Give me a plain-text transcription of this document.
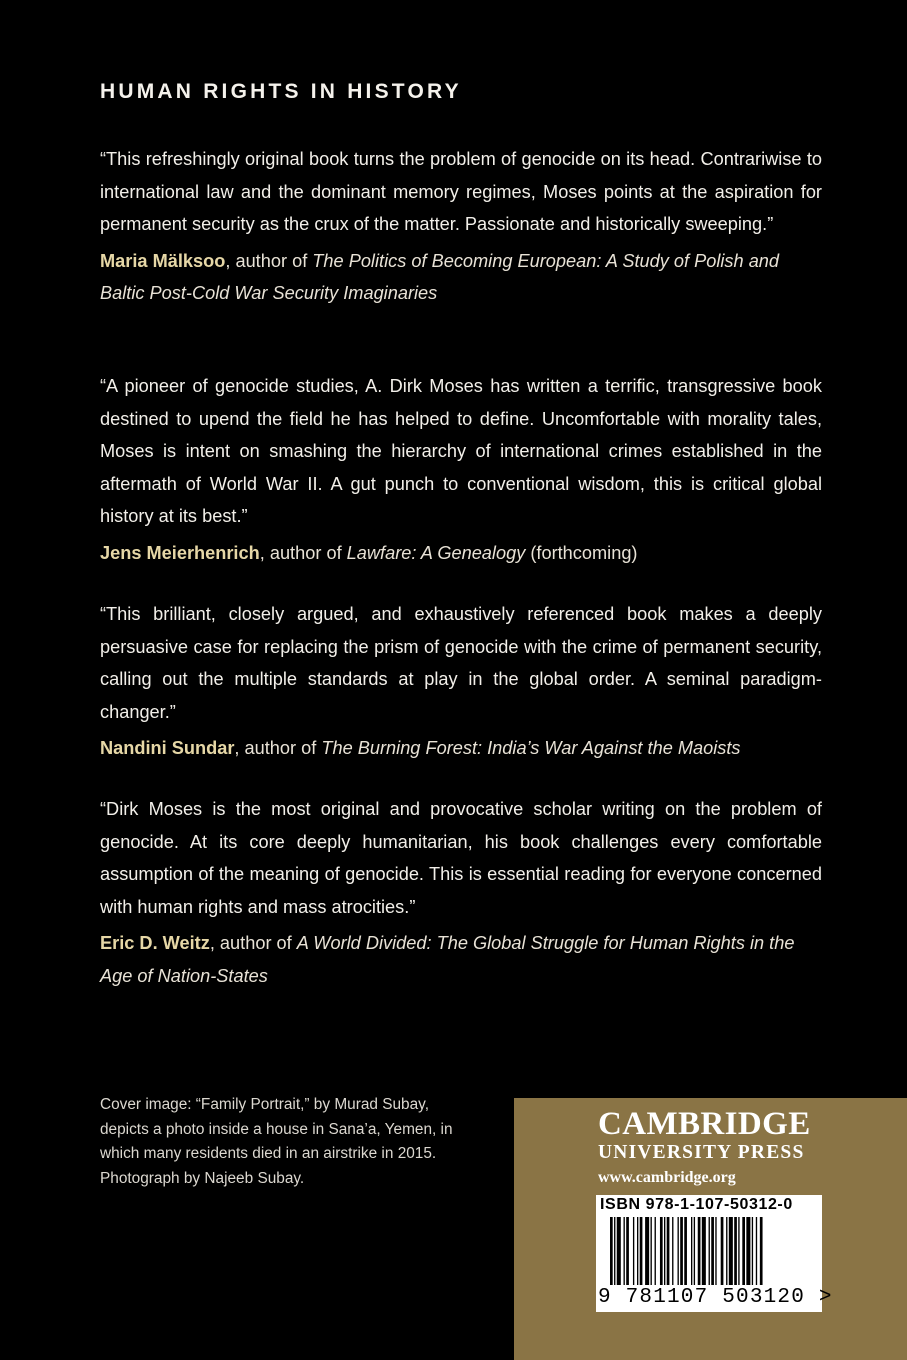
HUMAN RIGHTS IN HISTORY

“This refreshingly original book turns the problem of genocide on its head. Contrariwise to international law and the dominant memory regimes, Moses points at the aspiration for permanent security as the crux of the matter. Passionate and historically sweeping.”

Maria Mälksoo, author of The Politics of Becoming European: A Study of Polish and Baltic Post-Cold War Security Imaginaries

“A pioneer of genocide studies, A. Dirk Moses has written a terrific, transgressive book destined to upend the field he has helped to define. Uncomfortable with morality tales, Moses is intent on smashing the hierarchy of international crimes established in the aftermath of World War II. A gut punch to conventional wisdom, this is critical global history at its best.”

Jens Meierhenrich, author of Lawfare: A Genealogy (forthcoming)

“This brilliant, closely argued, and exhaustively referenced book makes a deeply persuasive case for replacing the prism of genocide with the crime of permanent security, calling out the multiple standards at play in the global order. A seminal paradigm-changer.”

Nandini Sundar, author of The Burning Forest: India’s War Against the Maoists

“Dirk Moses is the most original and provocative scholar writing on the problem of genocide. At its core deeply humanitarian, his book challenges every comfortable assumption of the meaning of genocide. This is essential reading for everyone concerned with human rights and mass atrocities.”

Eric D. Weitz, author of A World Divided: The Global Struggle for Human Rights in the Age of Nation-States

Cover image: “Family Portrait,” by Murad Subay, depicts a photo inside a house in Sana’a, Yemen, in which many residents died in an airstrike in 2015. Photograph by Najeeb Subay.
CAMBRIDGE
UNIVERSITY PRESS
www.cambridge.org
ISBN 978-1-107-50312-0
9 781107 503120 >
